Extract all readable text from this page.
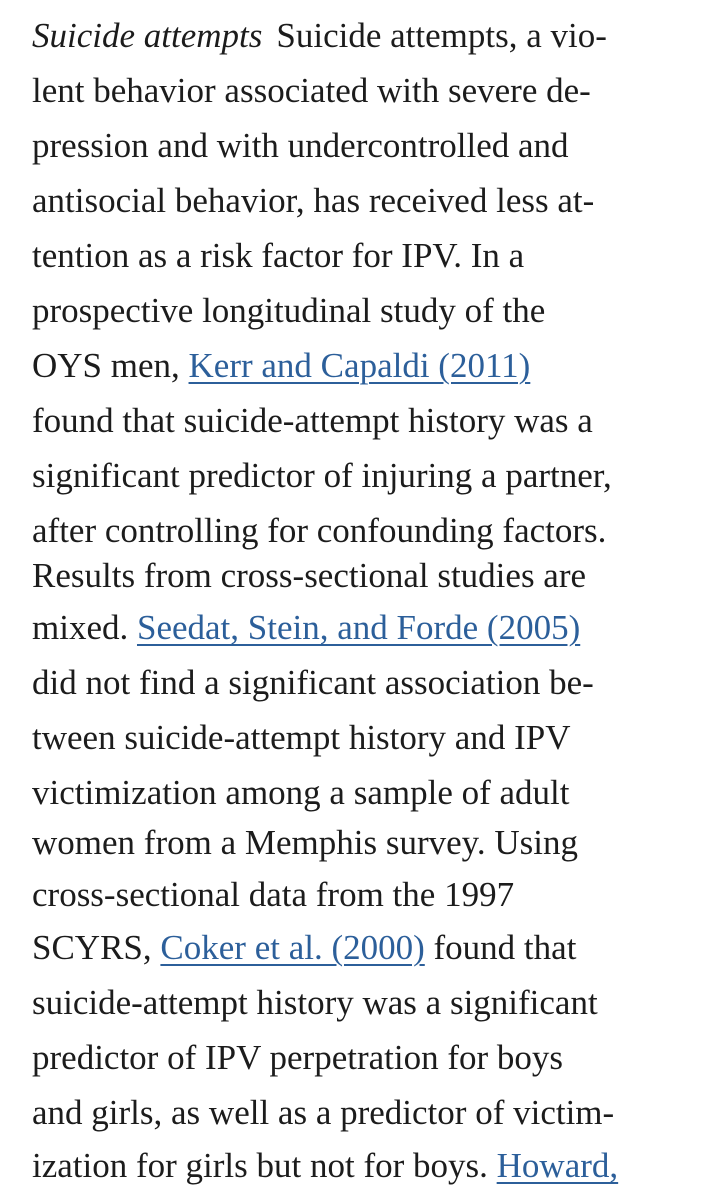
Suicide attempts Suicide attempts, a vio-
lent behavior associated with severe de-
pression and with undercontrolled and
antisocial behavior, has received less at-
tention as a risk factor for IPV. In a
prospective longitudinal study of the
OYS men, Kerr and Capaldi (2011)
found that suicide-attempt history was a
significant predictor of injuring a partner,
after controlling for confounding factors.
Results from cross-sectional studies are
mixed. Seedat, Stein, and Forde (2005)
did not find a significant association be-
tween suicide-attempt history and IPV
victimization among a sample of adult
women from a Memphis survey. Using
cross-sectional data from the 1997
SCYRS, Coker et al. (2000) found that
suicide-attempt history was a significant
predictor of IPV perpetration for boys
and girls, as well as a predictor of victim-
ization for girls but not for boys. Howard,
